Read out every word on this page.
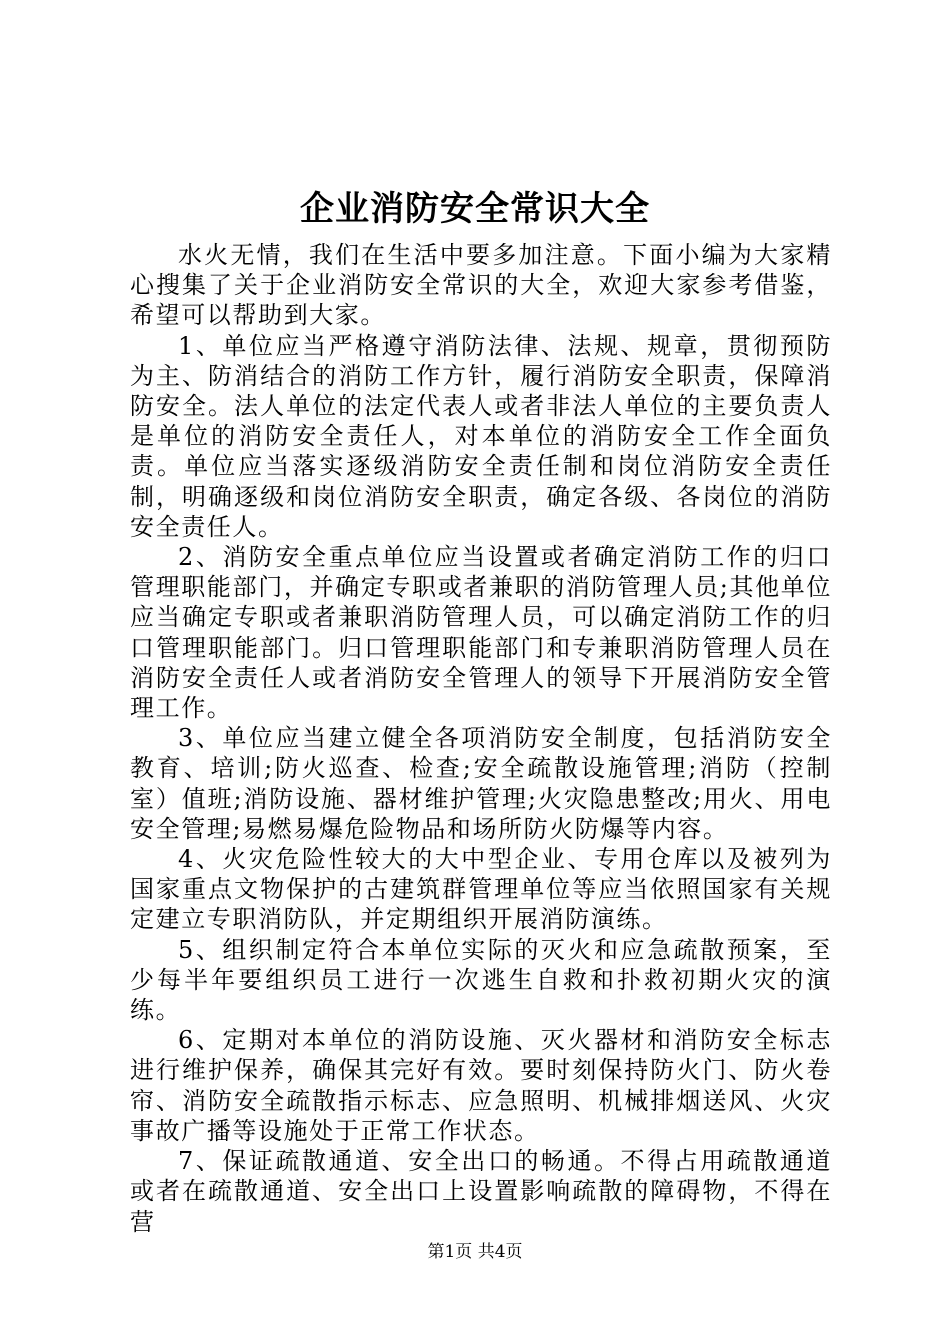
企业消防安全常识大全

水火无情，我们在生活中要多加注意。下面小编为大家精心搜集了关于企业消防安全常识的大全，欢迎大家参考借鉴，希望可以帮助到大家。

1、单位应当严格遵守消防法律、法规、规章，贯彻预防为主、防消结合的消防工作方针，履行消防安全职责，保障消防安全。法人单位的法定代表人或者非法人单位的主要负责人是单位的消防安全责任人，对本单位的消防安全工作全面负责。单位应当落实逐级消防安全责任制和岗位消防安全责任制，明确逐级和岗位消防安全职责，确定各级、各岗位的消防安全责任人。

2、消防安全重点单位应当设置或者确定消防工作的归口管理职能部门，并确定专职或者兼职的消防管理人员;其他单位应当确定专职或者兼职消防管理人员，可以确定消防工作的归口管理职能部门。归口管理职能部门和专兼职消防管理人员在消防安全责任人或者消防安全管理人的领导下开展消防安全管理工作。

3、单位应当建立健全各项消防安全制度，包括消防安全教育、培训;防火巡查、检查;安全疏散设施管理;消防（控制室）值班;消防设施、器材维护管理;火灾隐患整改;用火、用电安全管理;易燃易爆危险物品和场所防火防爆等内容。

4、火灾危险性较大的大中型企业、专用仓库以及被列为国家重点文物保护的古建筑群管理单位等应当依照国家有关规定建立专职消防队，并定期组织开展消防演练。

5、组织制定符合本单位实际的灭火和应急疏散预案，至少每半年要组织员工进行一次逃生自救和扑救初期火灾的演练。

6、定期对本单位的消防设施、灭火器材和消防安全标志进行维护保养，确保其完好有效。要时刻保持防火门、防火卷帘、消防安全疏散指示标志、应急照明、机械排烟送风、火灾事故广播等设施处于正常工作状态。

7、保证疏散通道、安全出口的畅通。不得占用疏散通道或者在疏散通道、安全出口上设置影响疏散的障碍物，不得在营

第1页 共4页
